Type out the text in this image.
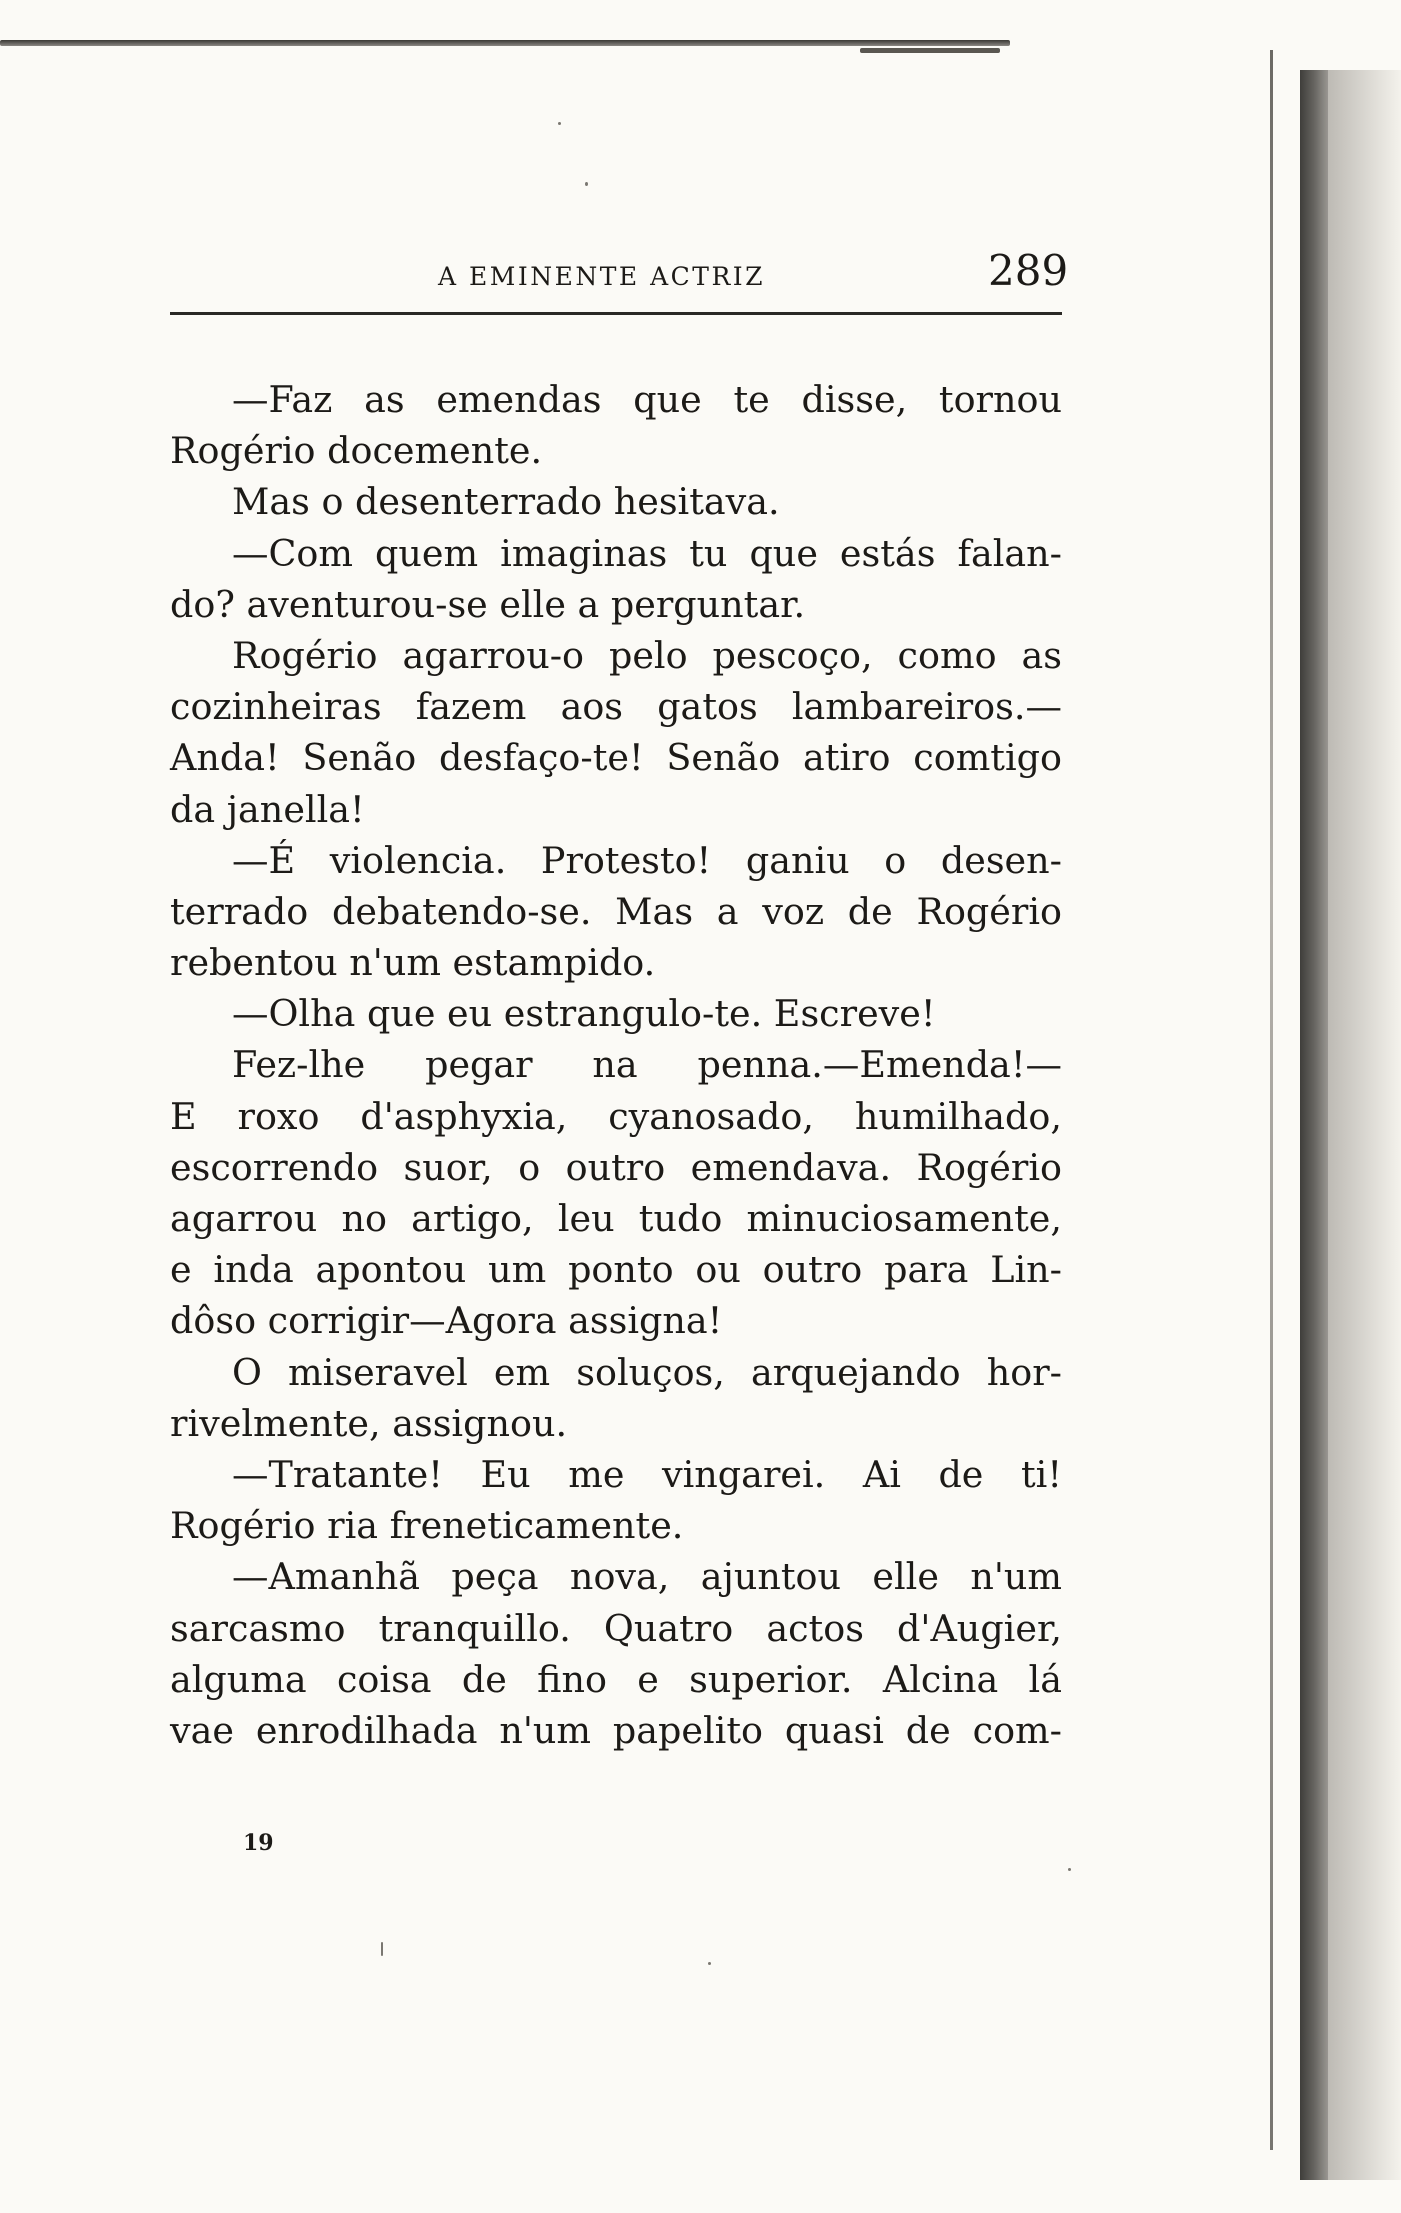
A EMINENTE ACTRIZ	289
—Faz as emendas que te disse, tornou
Rogério docemente.
Mas o desenterrado hesitava.
—Com quem imaginas tu que estás falan-
do? aventurou-se elle a perguntar.
Rogério agarrou-o pelo pescoço, como as
cozinheiras fazem aos gatos lambareiros.—
Anda! Senão desfaço-te! Senão atiro comtigo
da janella!
—É violencia. Protesto! ganiu o desen-
terrado debatendo-se. Mas a voz de Rogério
rebentou n'um estampido.
—Olha que eu estrangulo-te. Escreve!
Fez-lhe pegar na penna.—Emenda!—
E roxo d'asphyxia, cyanosado, humilhado,
escorrendo suor, o outro emendava. Rogério
agarrou no artigo, leu tudo minuciosamente,
e inda apontou um ponto ou outro para Lin-
dôso corrigir—Agora assigna!
O miseravel em soluços, arquejando hor-
rivelmente, assignou.
—Tratante! Eu me vingarei. Ai de ti!
Rogério ria freneticamente.
—Amanhã peça nova, ajuntou elle n'um
sarcasmo tranquillo. Quatro actos d'Augier,
alguma coisa de fino e superior. Alcina lá
vae enrodilhada n'um papelito quasi de com-
19
